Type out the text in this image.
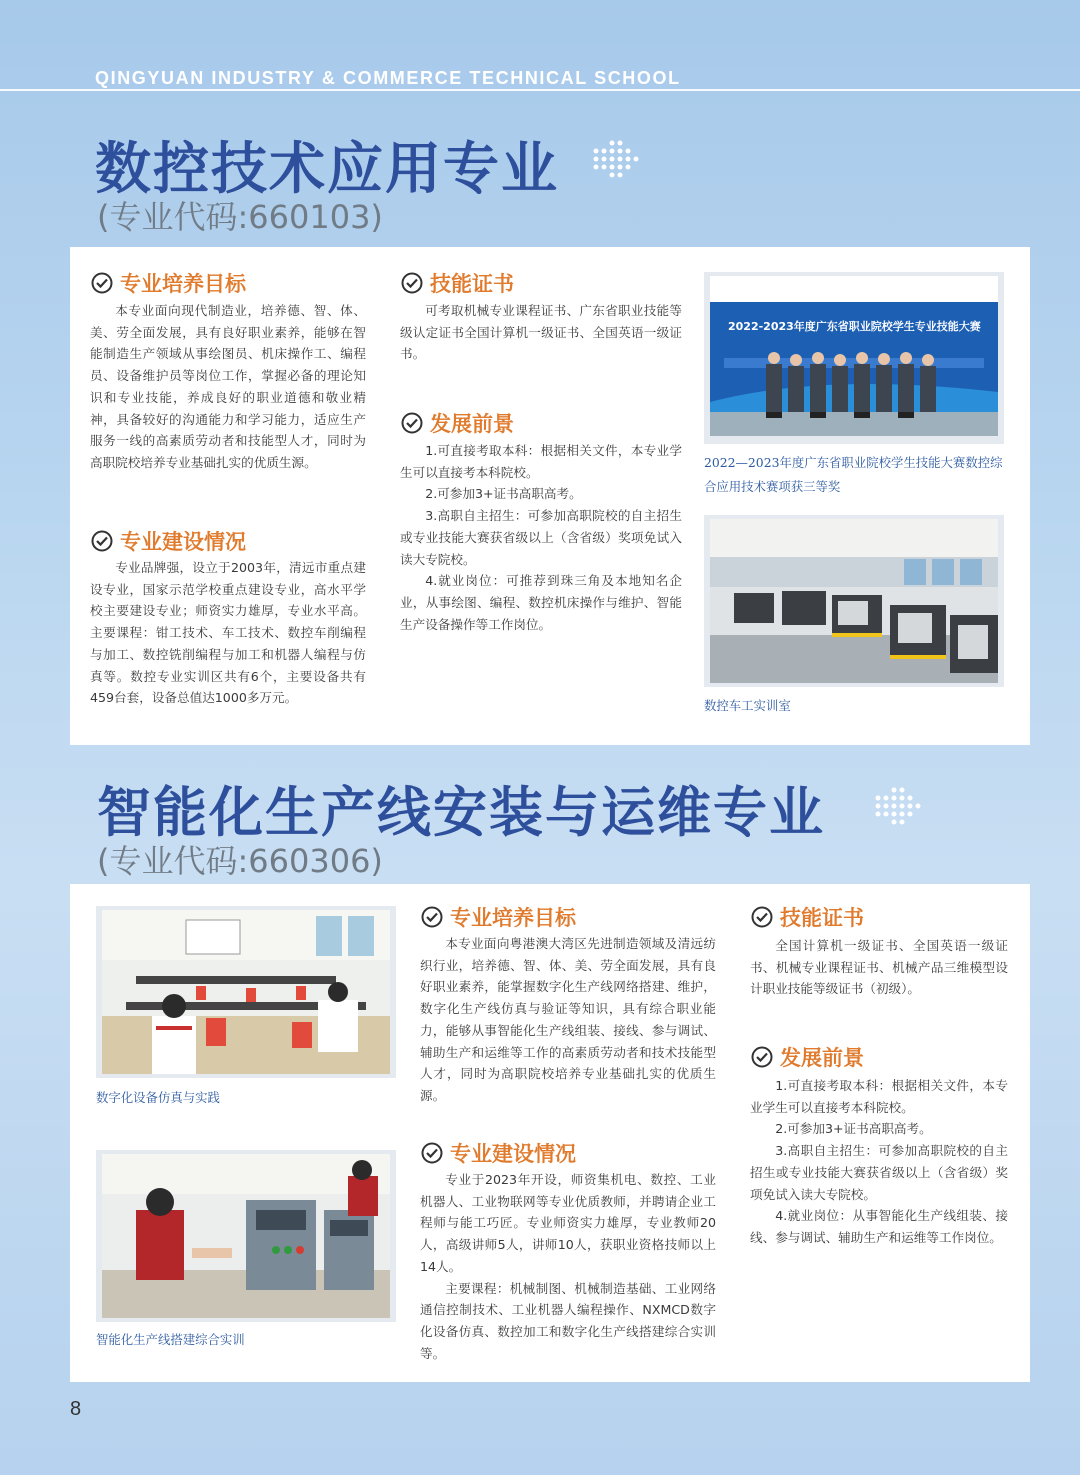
QINGYUAN INDUSTRY & COMMERCE TECHNICAL SCHOOL
数控技术应用专业
(专业代码:660103)
专业培养目标

本专业面向现代制造业，培养德、智、体、美、劳全面发展，具有良好职业素养，能够在智能制造生产领域从事绘图员、机床操作工、编程员、设备维护员等岗位工作，掌握必备的理论知识和专业技能，养成良好的职业道德和敬业精神，具备较好的沟通能力和学习能力，适应生产服务一线的高素质劳动者和技能型人才，同时为高职院校培养专业基础扎实的优质生源。

专业建设情况

专业品牌强，设立于2003年，清远市重点建设专业，国家示范学校重点建设专业，高水平学校主要建设专业；师资实力雄厚，专业水平高。主要课程：钳工技术、车工技术、数控车削编程与加工、数控铣削编程与加工和机器人编程与仿真等。数控专业实训区共有6个，主要设备共有459台套，设备总值达1000多万元。

技能证书

可考取机械专业课程证书、广东省职业技能等级认定证书全国计算机一级证书、全国英语一级证书。

发展前景

1.可直接考取本科：根据相关文件，本专业学生可以直接考本科院校。

2.可参加3+证书高职高考。

3.高职自主招生：可参加高职院校的自主招生或专业技能大赛获省级以上（含省级）奖项免试入读大专院校。

4.就业岗位：可推荐到珠三角及本地知名企业，从事绘图、编程、数控机床操作与维护、智能生产设备操作等工作岗位。

2022-2023年度广东省职业院校学生专业技能大赛
2022—2023年度广东省职业院校学生技能大赛数控综合应用技术赛项获三等奖
数控车工实训室
智能化生产线安装与运维专业
(专业代码:660306)
数字化设备仿真与实践
智能化生产线搭建综合实训
专业培养目标

本专业面向粤港澳大湾区先进制造领域及清远纺织行业，培养德、智、体、美、劳全面发展，具有良好职业素养，能掌握数字化生产线网络搭建、维护，数字化生产线仿真与验证等知识，具有综合职业能力，能够从事智能化生产线组装、接线、参与调试、辅助生产和运维等工作的高素质劳动者和技术技能型人才，同时为高职院校培养专业基础扎实的优质生源。

专业建设情况

专业于2023年开设，师资集机电、数控、工业机器人、工业物联网等专业优质教师，并聘请企业工程师与能工巧匠。专业师资实力雄厚，专业教师20人，高级讲师5人，讲师10人，获职业资格技师以上14人。

主要课程：机械制图、机械制造基础、工业网络通信控制技术、工业机器人编程操作、NXMCD数字化设备仿真、数控加工和数字化生产线搭建综合实训等。

技能证书

全国计算机一级证书、全国英语一级证书、机械专业课程证书、机械产品三维模型设计职业技能等级证书（初级）。

发展前景

1.可直接考取本科：根据相关文件，本专业学生可以直接考本科院校。

2.可参加3+证书高职高考。

3.高职自主招生：可参加高职院校的自主招生或专业技能大赛获省级以上（含省级）奖项免试入读大专院校。

4.就业岗位：从事智能化生产线组装、接线、参与调试、辅助生产和运维等工作岗位。

8
